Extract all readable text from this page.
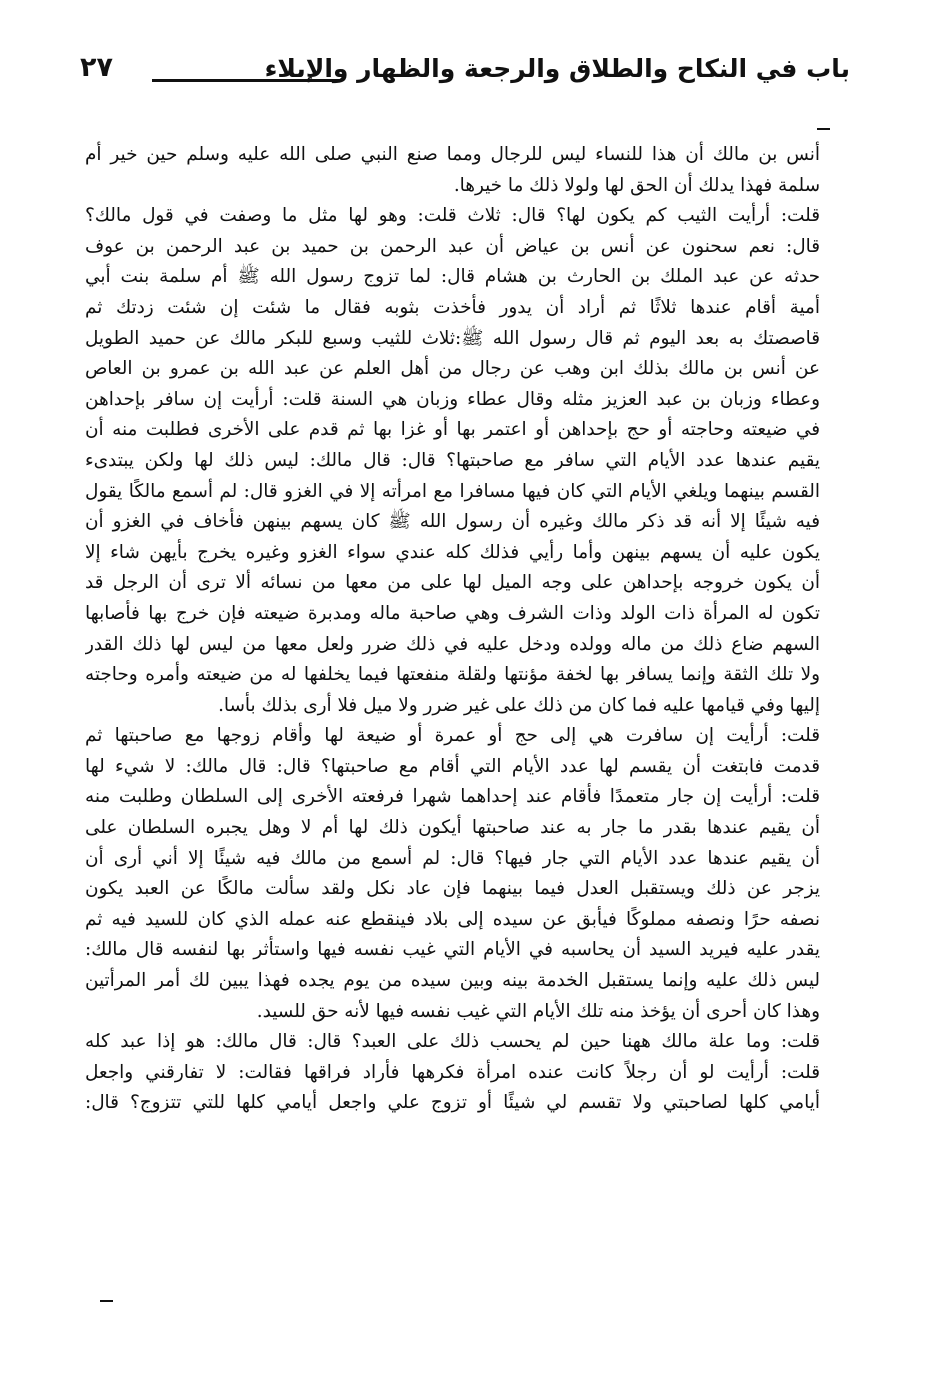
باب في النكاح والطلاق والرجعة والظهار والإيلاء
٢٧
أنس بن مالك أن هذا للنساء ليس للرجال ومما صنع النبي صلى الله عليه وسلم حين خير أم
سلمة فهذا يدلك أن الحق لها ولولا ذلك ما خيرها.
قلت: أرأيت الثيب كم يكون لها؟ قال: ثلاث قلت: وهو لها مثل ما وصفت في قول مالك؟
قال: نعم سحنون عن أنس بن عياض أن عبد الرحمن بن حميد بن عبد الرحمن بن عوف
حدثه عن عبد الملك بن الحارث بن هشام قال: لما تزوج رسول الله ﷺ أم سلمة بنت أبي
أمية أقام عندها ثلاثًا ثم أراد أن يدور فأخذت بثوبه فقال ما شئت إن شئت زدتك ثم
قاصصتك به بعد اليوم ثم قال رسول الله ﷺ:ثلاث للثيب وسبع للبكر مالك عن حميد الطويل
عن أنس بن مالك بذلك ابن وهب عن رجال من أهل العلم عن عبد الله بن عمرو بن العاص
وعطاء وزبان بن عبد العزيز مثله وقال عطاء وزبان هي السنة قلت: أرأيت إن سافر بإحداهن
في ضيعته وحاجته أو حج بإحداهن أو اعتمر بها أو غزا بها ثم قدم على الأخرى فطلبت منه أن
يقيم عندها عدد الأيام التي سافر مع صاحبتها؟ قال: قال مالك: ليس ذلك لها ولكن يبتدىء
القسم بينهما ويلغي الأيام التي كان فيها مسافرا مع امرأته إلا في الغزو قال: لم أسمع مالكًا يقول
فيه شيئًا إلا أنه قد ذكر مالك وغيره أن رسول الله ﷺ كان يسهم بينهن فأخاف في الغزو أن
يكون عليه أن يسهم بينهن وأما رأيي فذلك كله عندي سواء الغزو وغيره يخرج بأيهن شاء إلا
أن يكون خروجه بإحداهن على وجه الميل لها على من معها من نسائه ألا ترى أن الرجل قد
تكون له المرأة ذات الولد وذات الشرف وهي صاحبة ماله ومدبرة ضيعته فإن خرج بها فأصابها
السهم ضاع ذلك من ماله وولده ودخل عليه في ذلك ضرر ولعل معها من ليس لها ذلك القدر
ولا تلك الثقة وإنما يسافر بها لخفة مؤنتها ولقلة منفعتها فيما يخلفها له من ضيعته وأمره وحاجته
إليها وفي قيامها عليه فما كان من ذلك على غير ضرر ولا ميل فلا أرى بذلك بأسا.
قلت: أرأيت إن سافرت هي إلى حج أو عمرة أو ضيعة لها وأقام زوجها مع صاحبتها ثم
قدمت فابتغت أن يقسم لها عدد الأيام التي أقام مع صاحبتها؟ قال: قال مالك: لا شيء لها
قلت: أرأيت إن جار متعمدًا فأقام عند إحداهما شهرا فرفعته الأخرى إلى السلطان وطلبت منه
أن يقيم عندها بقدر ما جار به عند صاحبتها أيكون ذلك لها أم لا وهل يجبره السلطان على
أن يقيم عندها عدد الأيام التي جار فيها؟ قال: لم أسمع من مالك فيه شيئًا إلا أني أرى أن
يزجر عن ذلك ويستقبل العدل فيما بينهما فإن عاد نكل ولقد سألت مالكًا عن العبد يكون
نصفه حرًا ونصفه مملوكًا فيأبق عن سيده إلى بلاد فينقطع عنه عمله الذي كان للسيد فيه ثم
يقدر عليه فيريد السيد أن يحاسبه في الأيام التي غيب نفسه فيها واستأثر بها لنفسه قال مالك:
ليس ذلك عليه وإنما يستقبل الخدمة بينه وبين سيده من يوم يجده فهذا يبين لك أمر المرأتين
وهذا كان أحرى أن يؤخذ منه تلك الأيام التي غيب نفسه فيها لأنه حق للسيد.
قلت: وما علة مالك ههنا حين لم يحسب ذلك على العبد؟ قال: قال مالك: هو إذا عبد كله
قلت: أرأيت لو أن رجلاً كانت عنده امرأة فكرهها فأراد فراقها فقالت: لا تفارقني واجعل
أيامي كلها لصاحبتي ولا تقسم لي شيئًا أو تزوج علي واجعل أيامي كلها للتي تتزوج؟ قال:
